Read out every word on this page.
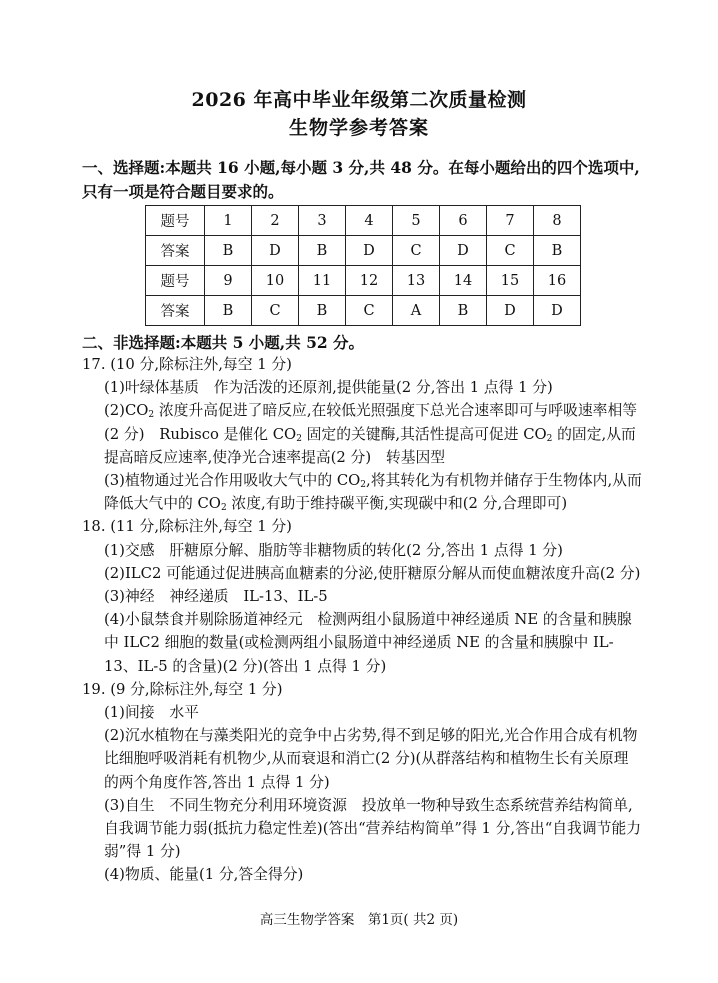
2026 年高中毕业年级第二次质量检测
生物学参考答案
一、选择题:本题共 16 小题,每小题 3 分,共 48 分。在每小题给出的四个选项中,只有一项是符合题目要求的。
题号	1	2	3	4	5	6	7	8
答案	B	D	B	D	C	D	C	B
题号	9	10	11	12	13	14	15	16
答案	B	C	B	C	A	B	D	D
二、非选择题:本题共 5 小题,共 52 分。

17. (10 分,除标注外,每空 1 分)

(1)叶绿体基质　作为活泼的还原剂,提供能量(2 分,答出 1 点得 1 分)

$(2)CO_2$ 浓度升高促进了暗反应,在较低光照强度下总光合速率即可与呼吸速率相等(2 分)　Rubisco 是催化 $CO_2$ 固定的关键酶,其活性提高可促进 $CO_2$ 的固定,从而提高暗反应速率,使净光合速率提高(2 分)　转基因型

(3)植物通过光合作用吸收大气中的 $CO_2$,将其转化为有机物并储存于生物体内,从而降低大气中的 $CO_2$ 浓度,有助于维持碳平衡,实现碳中和(2 分,合理即可)

18. (11 分,除标注外,每空 1 分)

(1)交感　肝糖原分解、脂肪等非糖物质的转化(2 分,答出 1 点得 1 分)

(2)ILC2 可能通过促进胰高血糖素的分泌,使肝糖原分解从而使血糖浓度升高(2 分)

(3)神经　神经递质　IL-13、IL-5

(4)小鼠禁食并剔除肠道神经元　检测两组小鼠肠道中神经递质 NE 的含量和胰腺中 ILC2 细胞的数量(或检测两组小鼠肠道中神经递质 NE 的含量和胰腺中 IL-13、IL-5 的含量)(2 分)(答出 1 点得 1 分)

19. (9 分,除标注外,每空 1 分)

(1)间接　水平

(2)沉水植物在与藻类阳光的竞争中占劣势,得不到足够的阳光,光合作用合成有机物比细胞呼吸消耗有机物少,从而衰退和消亡(2 分)(从群落结构和植物生长有关原理的两个角度作答,答出 1 点得 1 分)

(3)自生　不同生物充分利用环境资源　投放单一物种导致生态系统营养结构简单,自我调节能力弱(抵抗力稳定性差)(答出“营养结构简单”得 1 分,答出“自我调节能力弱”得 1 分)

(4)物质、能量(1 分,答全得分)

高三生物学答案　第1页( 共2 页)
